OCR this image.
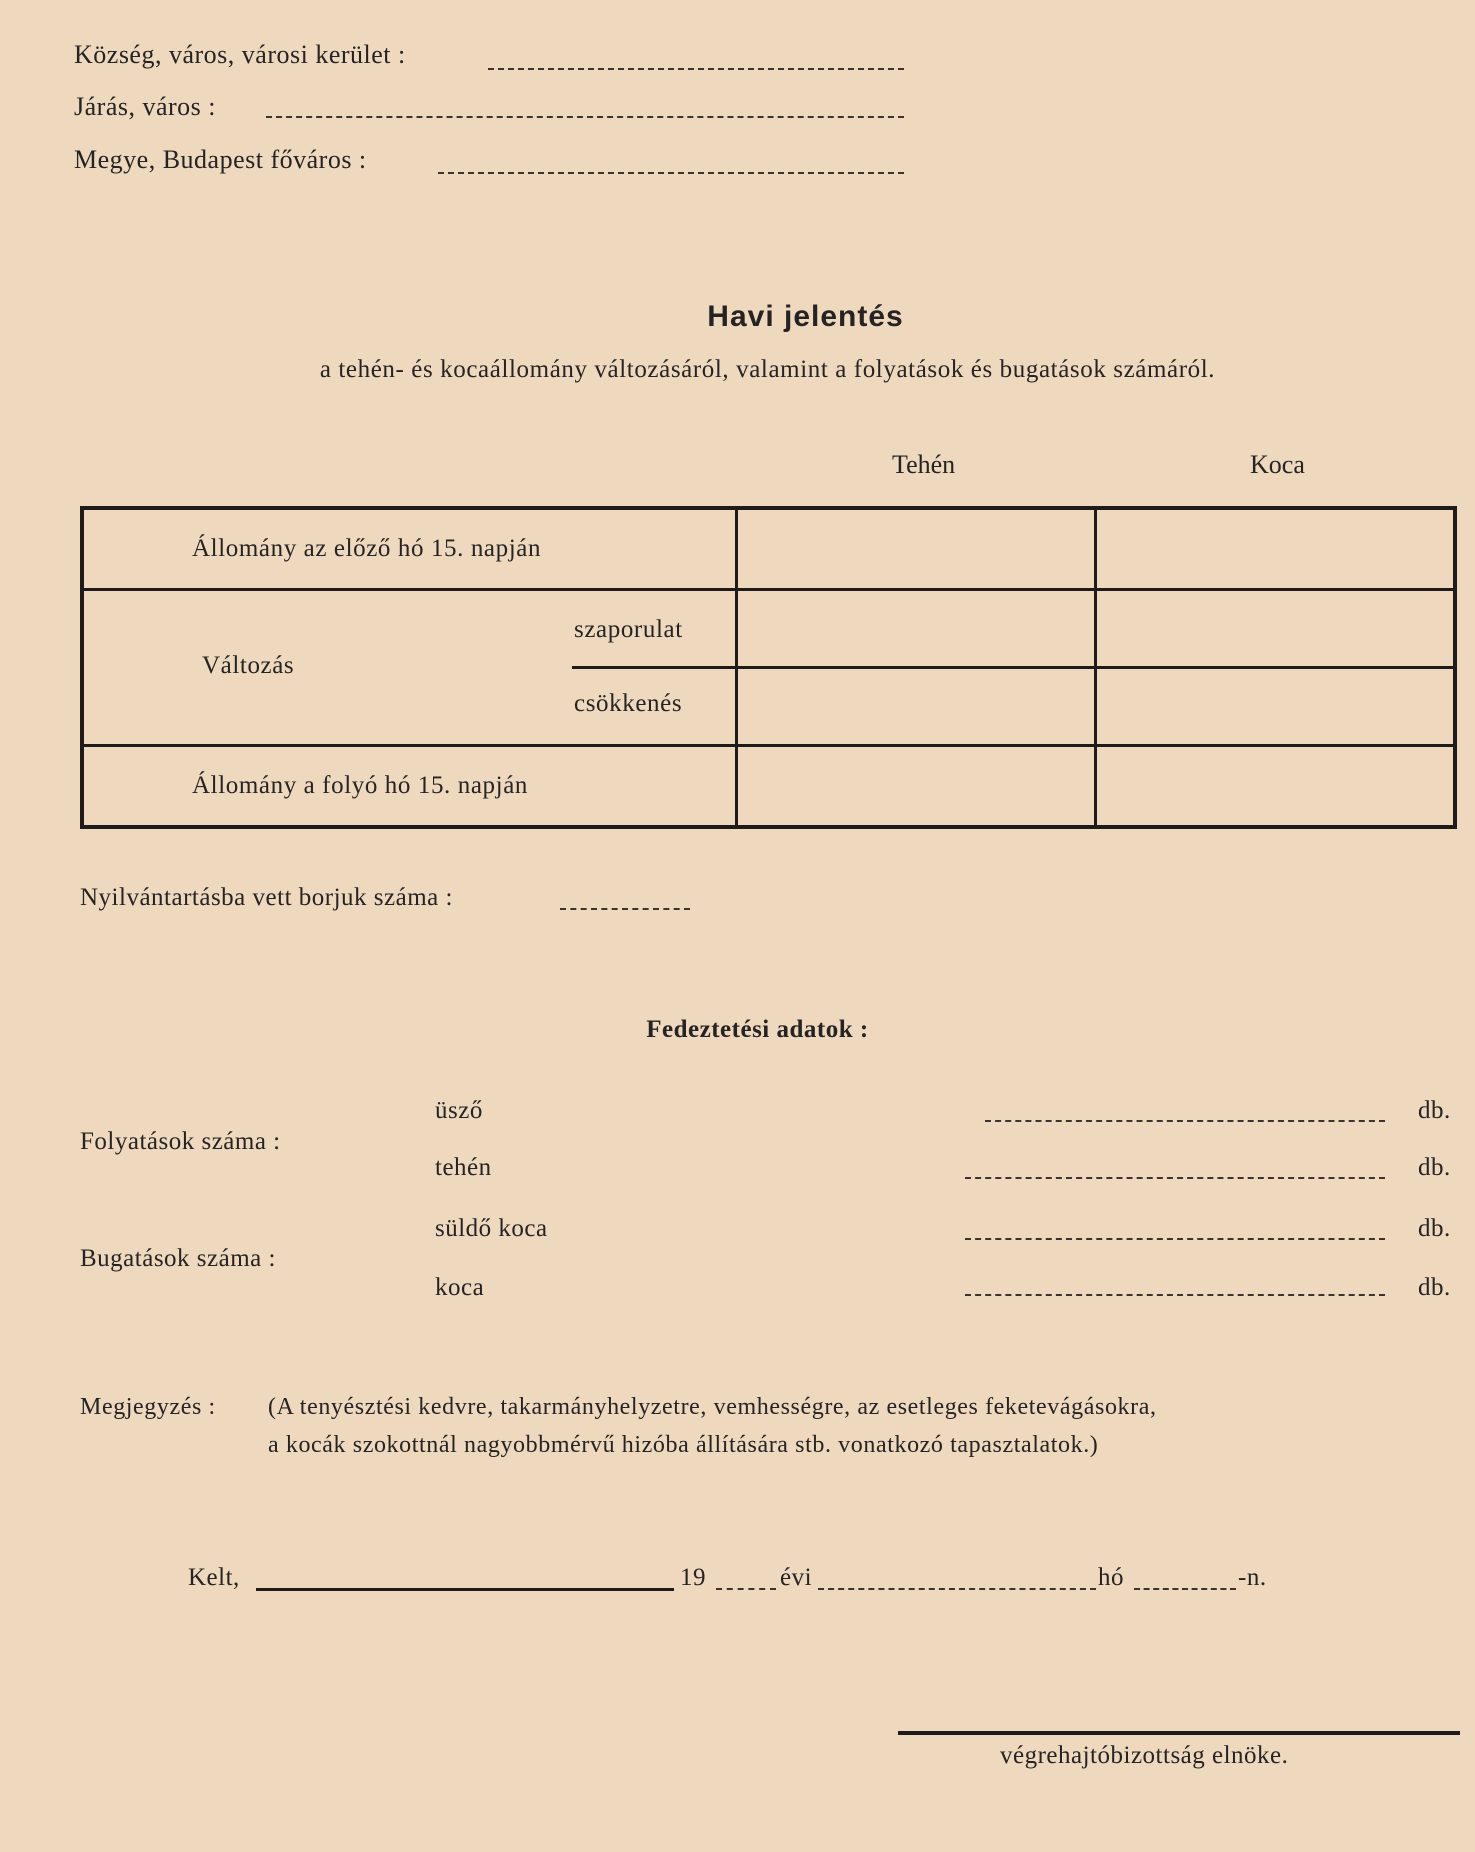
Község, város, városi kerület :
Járás, város :
Megye, Budapest főváros :
Havi jelentés
a tehén- és kocaállomány változásáról, valamint a folyatások és bugatások számáról.
Tehén	Koca
Állomány az előző hó 15. napján		

Változás
szaporulat
csökkenés		

Állomány a folyó hó 15. napján		
Nyilvántartásba vett borjuk száma :
Fedeztetési adatok :
Folyatások száma :
üsző	db.
tehén	db.
Bugatások száma :
süldő koca	db.
koca	db.
Megjegyzés : (A tenyésztési kedvre, takarmányhelyzetre, vemhességre, az esetleges feketevágásokra,
a kocák szokottnál nagyobbmérvű hizóba állítására stb. vonatkozó tapasztalatok.)
Kelt,	19	évi	hó	-n.
végrehajtóbizottság elnöke.
